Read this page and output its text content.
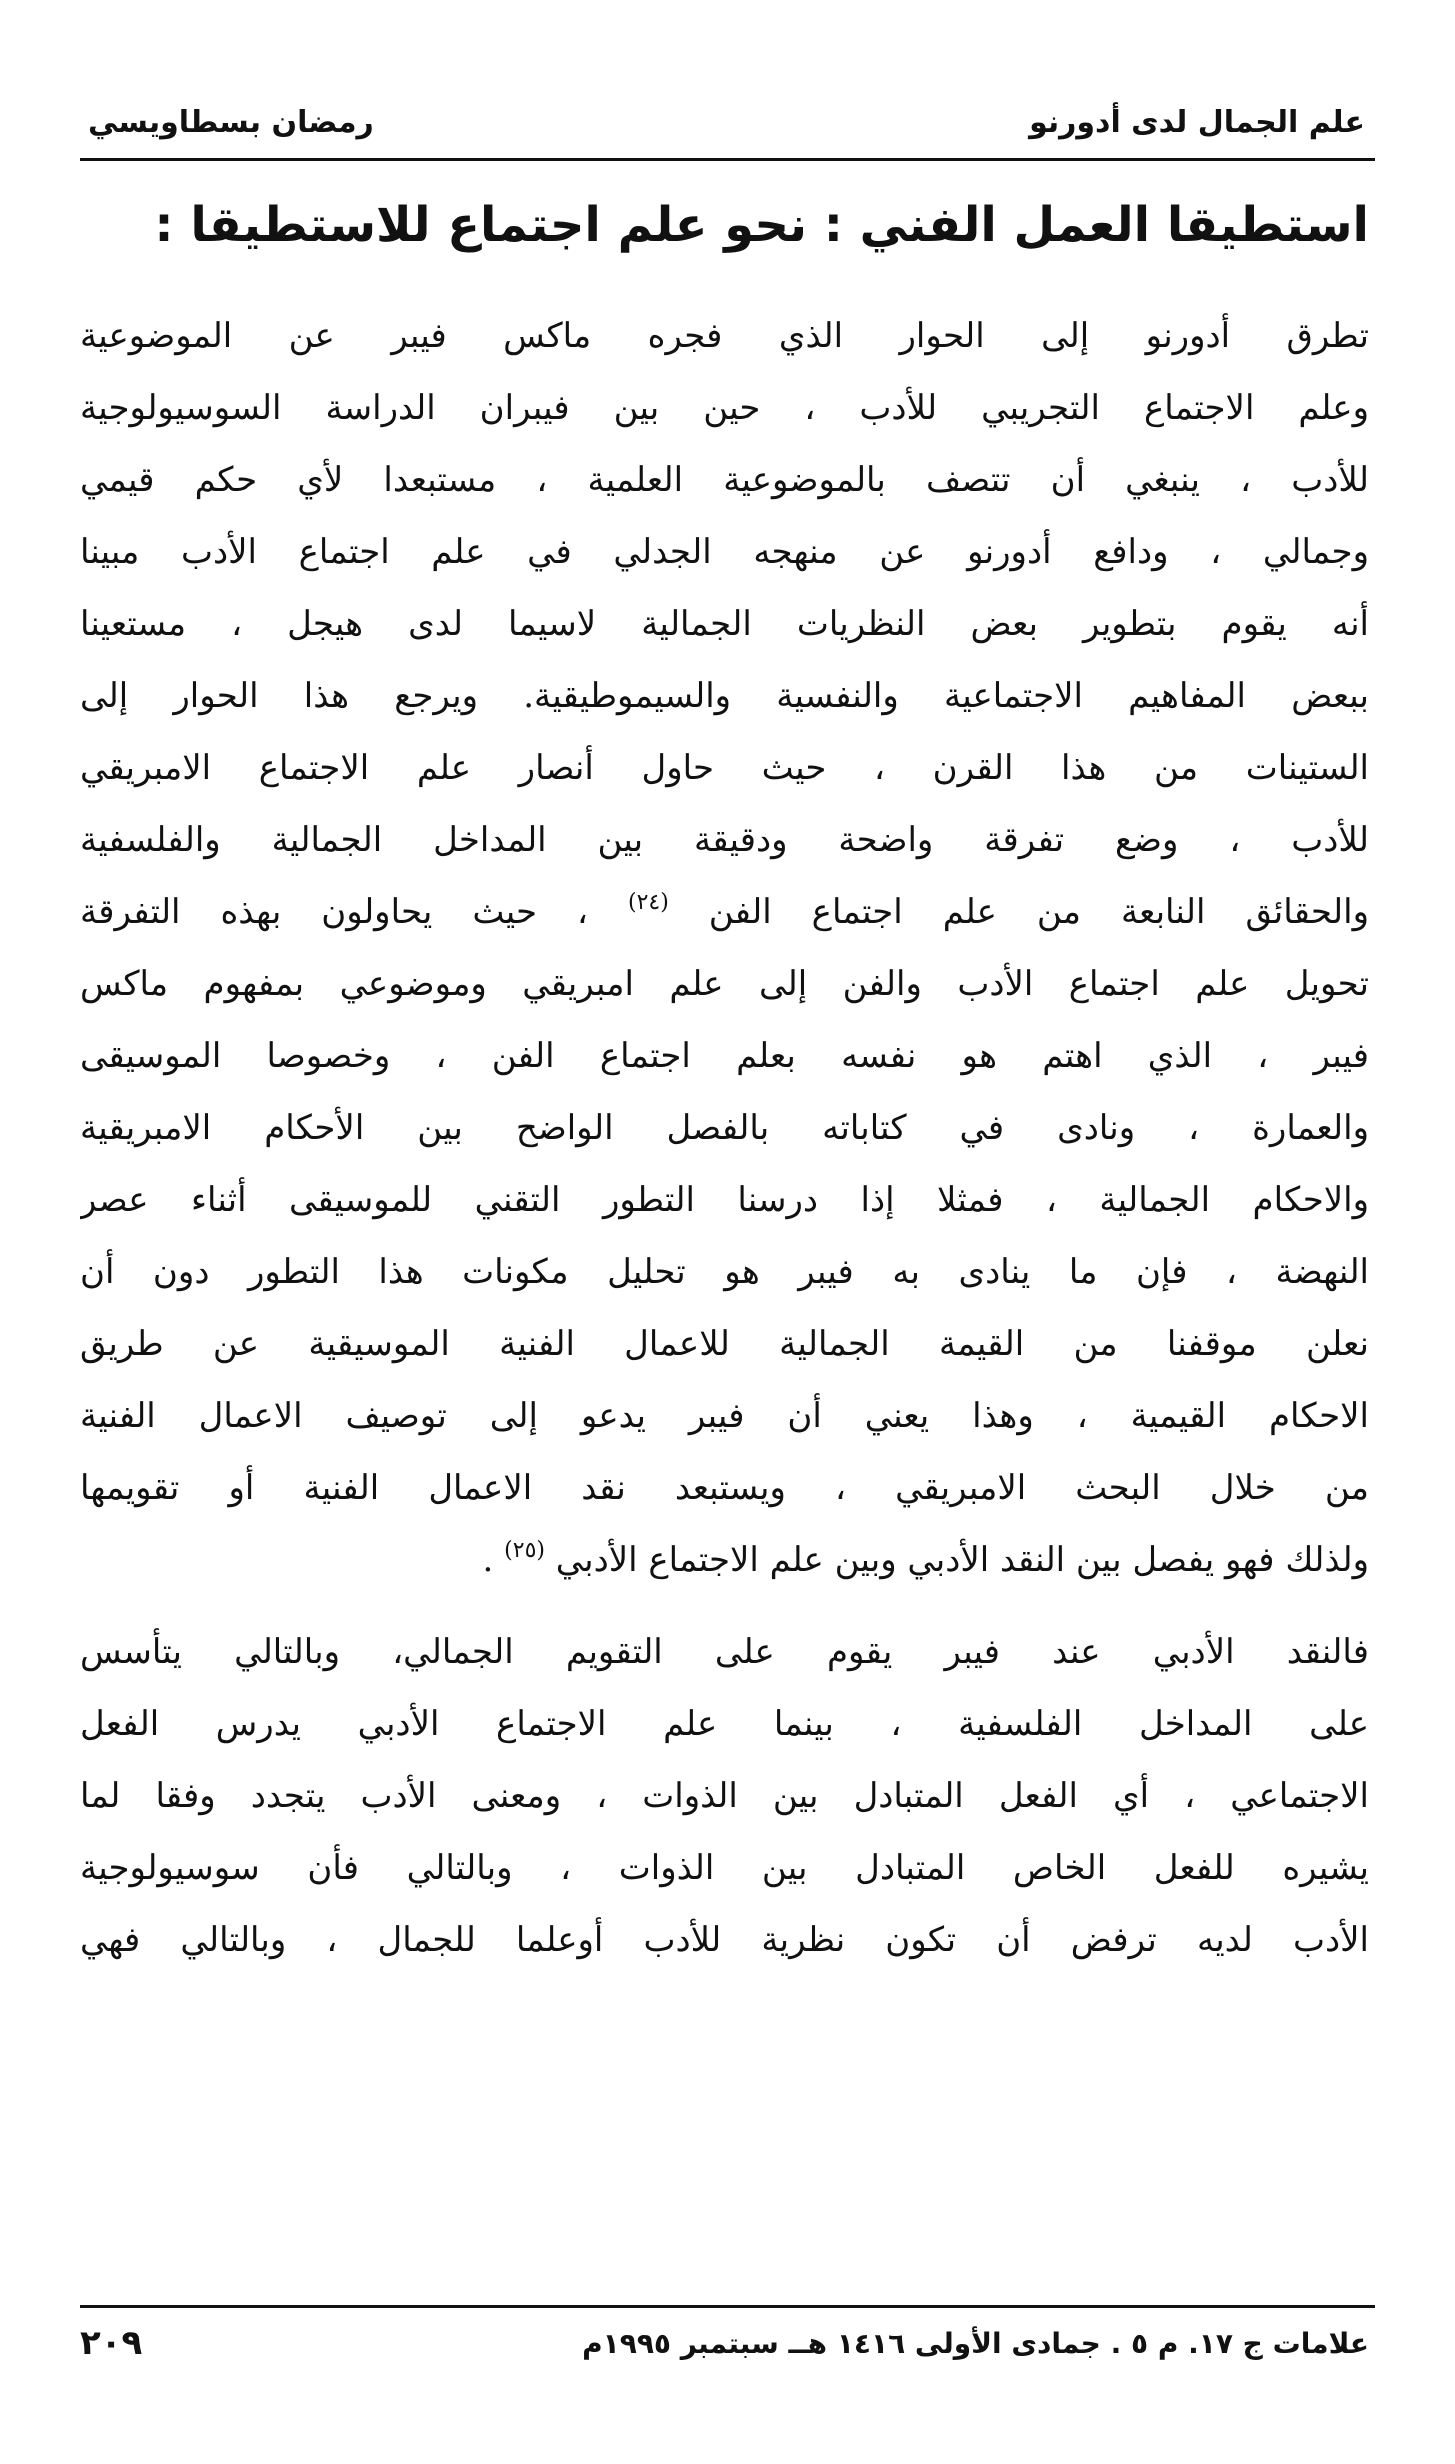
علم الجمال لدى أدورنو
رمضان بسطاويسي
استطيقا العمل الفني : نحو علم اجتماع للاستطيقا :
تطرق أدورنو إلى الحوار الذي فجره ماكس فيبر عن الموضوعية
وعلم الاجتماع التجريبي للأدب ، حين بين فيبران الدراسة السوسيولوجية
للأدب ، ينبغي أن تتصف بالموضوعية العلمية ، مستبعدا لأي حكم قيمي
وجمالي ، ودافع أدورنو عن منهجه الجدلي في علم اجتماع الأدب مبينا
أنه يقوم بتطوير بعض النظريات الجمالية لاسيما لدى هيجل ، مستعينا
ببعض المفاهيم الاجتماعية والنفسية والسيموطيقية. ويرجع هذا الحوار إلى
الستينات من هذا القرن ، حيث حاول أنصار علم الاجتماع الامبريقي
للأدب ، وضع تفرقة واضحة ودقيقة بين المداخل الجمالية والفلسفية
والحقائق النابعة من علم اجتماع الفن $^{(٢٤)}$ ، حيث يحاولون بهذه التفرقة
تحويل علم اجتماع الأدب والفن إلى علم امبريقي وموضوعي بمفهوم ماكس
فيبر ، الذي اهتم هو نفسه بعلم اجتماع الفن ، وخصوصا الموسيقى
والعمارة ، ونادى في كتاباته بالفصل الواضح بين الأحكام الامبريقية
والاحكام الجمالية ، فمثلا إذا درسنا التطور التقني للموسيقى أثناء عصر
النهضة ، فإن ما ينادى به فيبر هو تحليل مكونات هذا التطور دون أن
نعلن موقفنا من القيمة الجمالية للاعمال الفنية الموسيقية عن طريق
الاحكام القيمية ، وهذا يعني أن فيبر يدعو إلى توصيف الاعمال الفنية
من خلال البحث الامبريقي ، ويستبعد نقد الاعمال الفنية أو تقويمها
ولذلك فهو يفصل بين النقد الأدبي وبين علم الاجتماع الأدبي $^{(٢٥)}$ .
فالنقد الأدبي عند فيبر يقوم على التقويم الجمالي، وبالتالي يتأسس
على المداخل الفلسفية ، بينما علم الاجتماع الأدبي يدرس الفعل
الاجتماعي ، أي الفعل المتبادل بين الذوات ، ومعنى الأدب يتجدد وفقا لما
يشيره للفعل الخاص المتبادل بين الذوات ، وبالتالي فأن سوسيولوجية
الأدب لديه ترفض أن تكون نظرية للأدب أوعلما للجمال ، وبالتالي فهي
علامات ج ١٧. م ٥ . جمادى الأولى ١٤١٦ هــ سبتمبر ١٩٩٥م
٢٠٩
